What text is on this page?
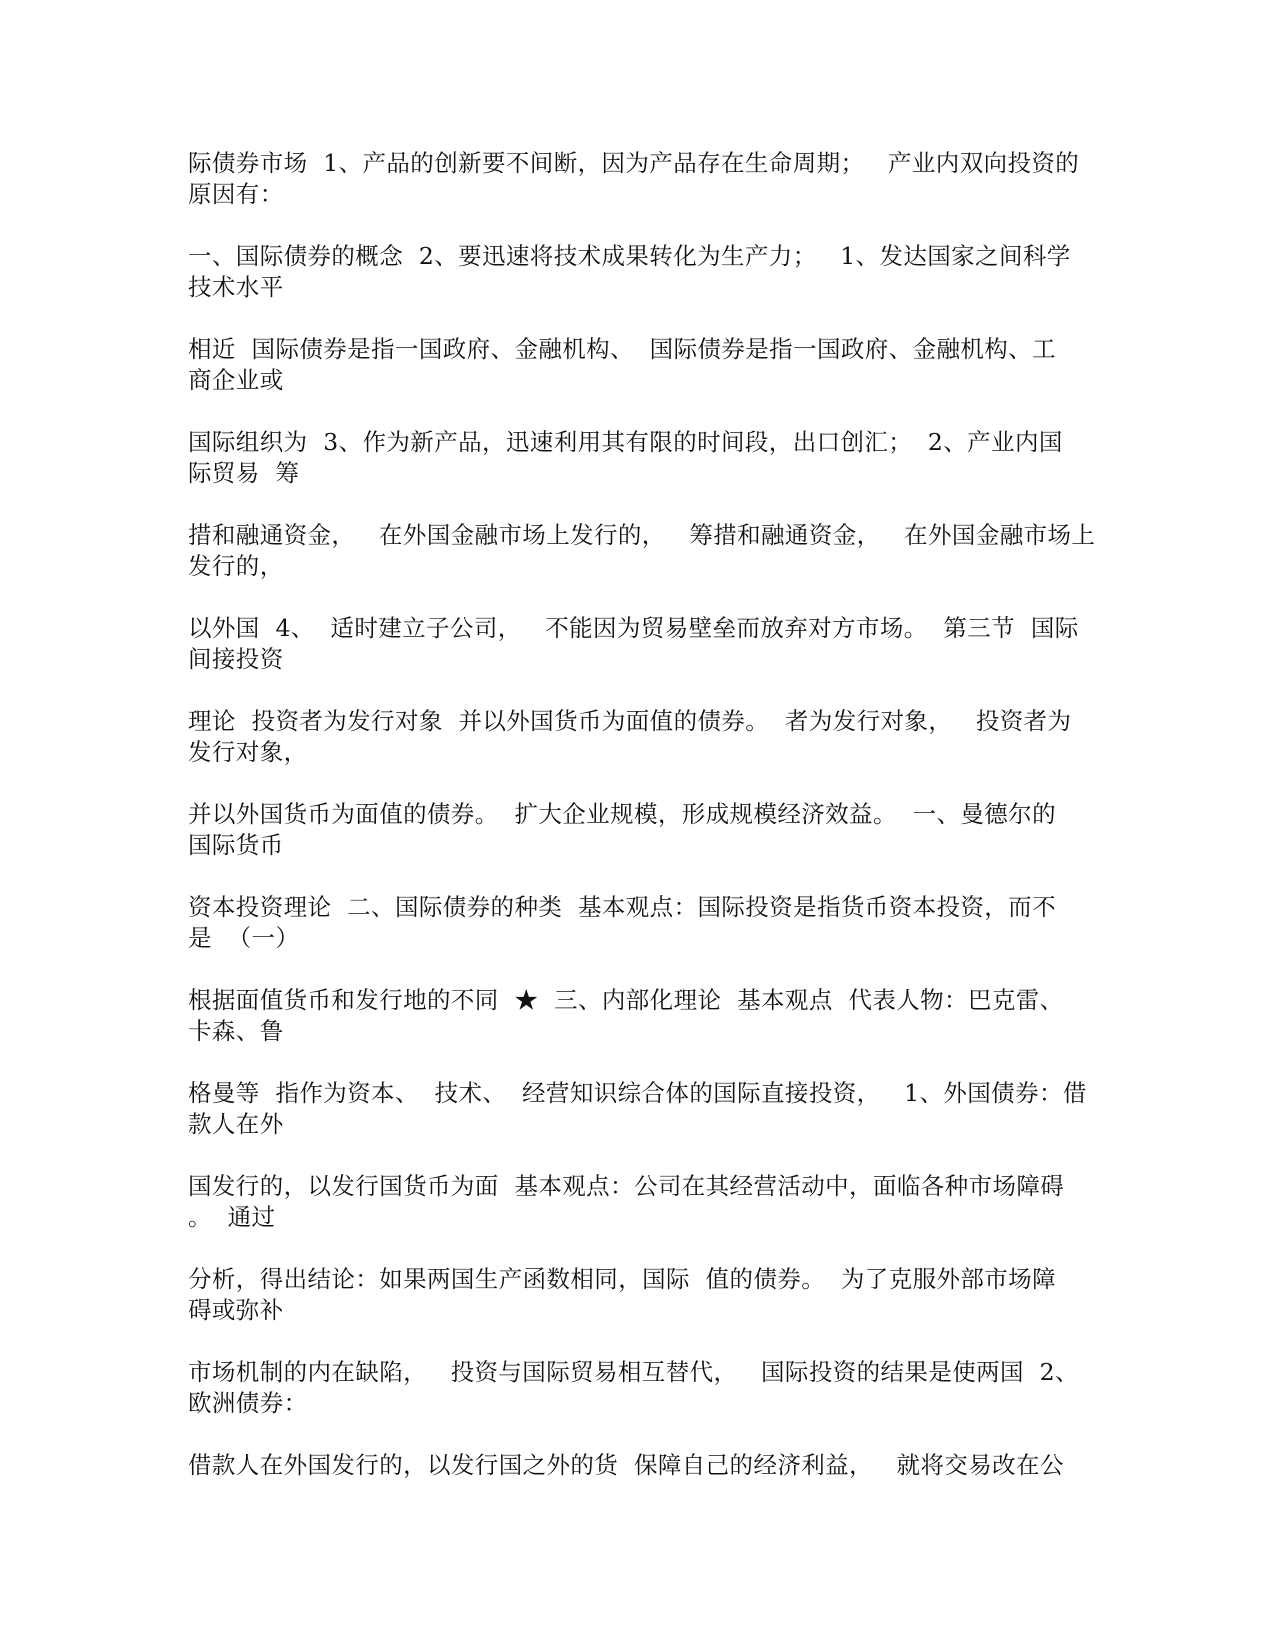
际债券市场  1、产品的创新要不间断，因为产品存在生命周期；   产业内双向投资的
原因有：

一、国际债券的概念  2、要迅速将技术成果转化为生产力；   1、发达国家之间科学
技术水平

相近  国际债券是指一国政府、金融机构、  国际债券是指一国政府、金融机构、工
商企业或

国际组织为  3、作为新产品，迅速利用其有限的时间段，出口创汇；  2、产业内国
际贸易  筹

措和融通资金，   在外国金融市场上发行的，   筹措和融通资金，   在外国金融市场上
发行的，

以外国  4、  适时建立子公司，   不能因为贸易壁垒而放弃对方市场。  第三节  国际
间接投资

理论  投资者为发行对象  并以外国货币为面值的债券。  者为发行对象，   投资者为
发行对象，

并以外国货币为面值的债券。  扩大企业规模，形成规模经济效益。  一、曼德尔的
国际货币

资本投资理论  二、国际债券的种类  基本观点：国际投资是指货币资本投资，而不
是  （一）

根据面值货币和发行地的不同  ★  三、内部化理论  基本观点  代表人物：巴克雷、
卡森、鲁

格曼等  指作为资本、  技术、  经营知识综合体的国际直接投资，   1、外国债券：借
款人在外

国发行的，以发行国货币为面  基本观点：公司在其经营活动中，面临各种市场障碍
。  通过

分析，得出结论：如果两国生产函数相同，国际  值的债券。  为了克服外部市场障
碍或弥补

市场机制的内在缺陷，   投资与国际贸易相互替代，   国际投资的结果是使两国  2、
欧洲债券：

借款人在外国发行的，以发行国之外的货  保障自己的经济利益，   就将交易改在公
